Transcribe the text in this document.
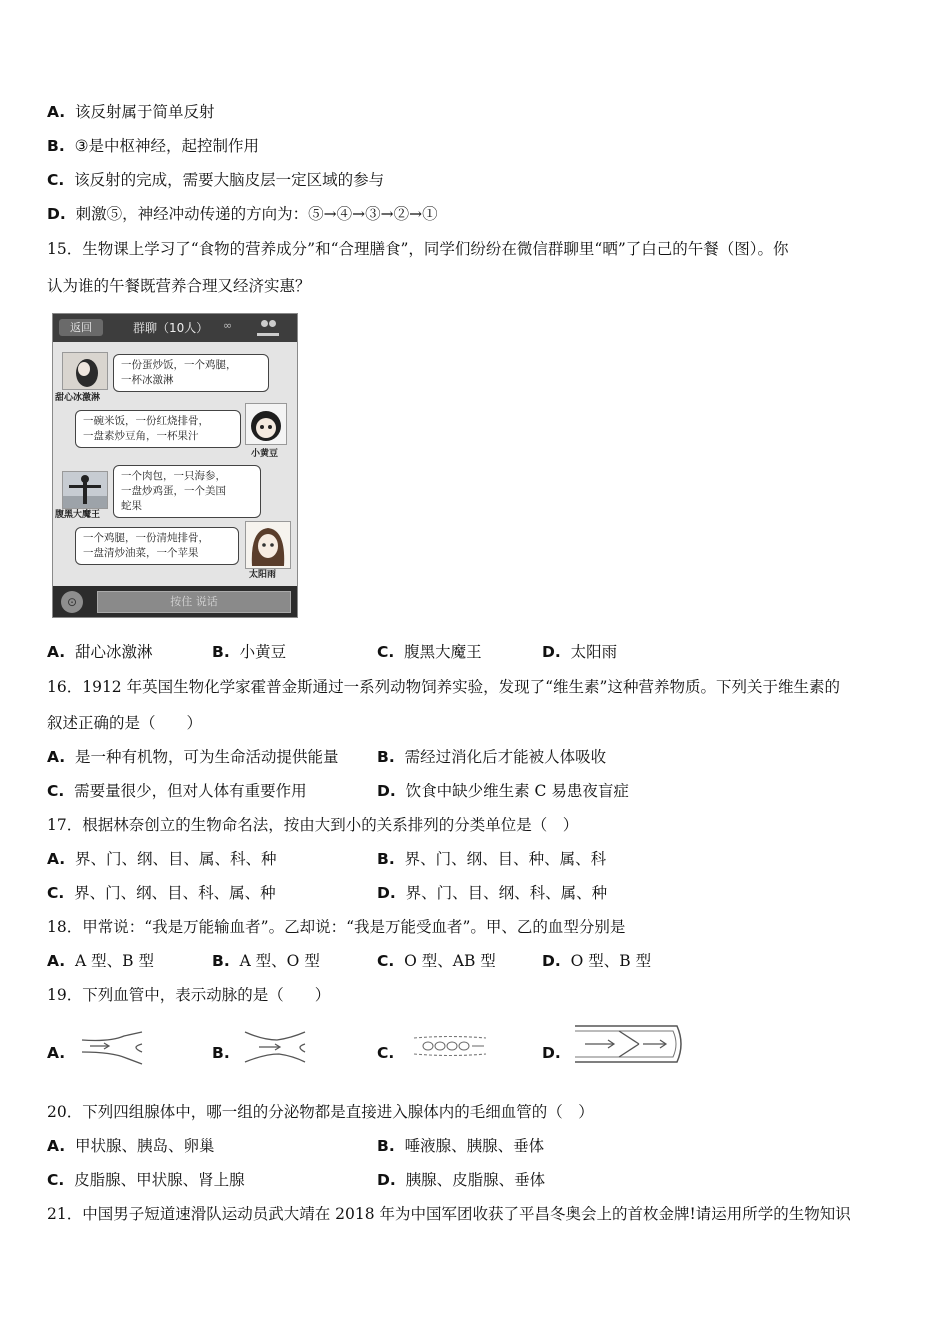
A. 该反射属于简单反射
B. ③是中枢神经，起控制作用
C. 该反射的完成，需要大脑皮层一定区域的参与
D. 刺激⑤，神经冲动传递的方向为：⑤→④→③→②→①
15．生物课上学习了“食物的营养成分”和“合理膳食”，同学们纷纷在微信群聊里“晒”了白己的午餐（图）。你
认为谁的午餐既营养合理又经济实惠？
返回	群聊（10人） ∞
甜心冰激淋
一份蛋炒饭，一个鸡腿，
一杯冰激淋
一碗米饭，一份红烧排骨，
一盘素炒豆角，一杯果汁
小黄豆
腹黑大魔王
一个肉包，一只海参，
一盘炒鸡蛋，一个美国
蛇果
一个鸡腿，一份清炖排骨，
一盘清炒油菜，一个苹果
太阳雨
⊙	按住 说话
A. 甜心冰激淋	B. 小黄豆	C. 腹黑大魔王	D. 太阳雨
16．1912 年英国生物化学家霍普金斯通过一系列动物饲养实验，发现了“维生素”这种营养物质。下列关于维生素的
叙述正确的是（　　）
A. 是一种有机物，可为生命活动提供能量 B. 需经过消化后才能被人体吸收
C. 需要量很少，但对人体有重要作用	D. 饮食中缺少维生素 C 易患夜盲症
17．根据林奈创立的生物命名法，按由大到小的关系排列的分类单位是（　）
A. 界、门、纲、目、属、科、种	B. 界、门、纲、目、种、属、科
C. 界、门、纲、目、科、属、种	D. 界、门、目、纲、科、属、种
18．甲常说：“我是万能输血者”。乙却说：“我是万能受血者”。甲、乙的血型分别是
A. A 型、B 型	B. A 型、O 型	C. O 型、AB 型	D. O 型、B 型
19．下列血管中，表示动脉的是（　　）
A.	B.	C.	D.
20．下列四组腺体中，哪一组的分泌物都是直接进入腺体内的毛细血管的（　）
A. 甲状腺、胰岛、卵巢	B. 唾液腺、胰腺、垂体
C. 皮脂腺、甲状腺、肾上腺	D. 胰腺、皮脂腺、垂体
21．中国男子短道速滑队运动员武大靖在 2018 年为中国军团收获了平昌冬奥会上的首枚金牌!请运用所学的生物知识
